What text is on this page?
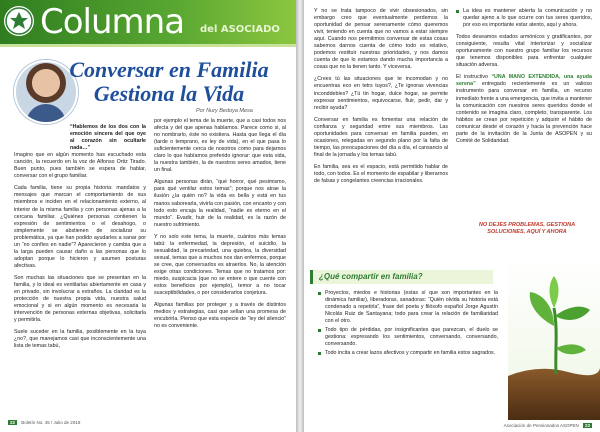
Columna del ASOCIADO
Conversar en Familia
Gestiona la Vida
Por Nury Bedoya Mesa

“Hablemos de los dos con la emoción sincera del que oye al corazón sin ocultarle nada…”
Imagino que en algún momento has escuchado esta canción, la recuerdo en la voz de Alfonso Ortiz Tirado. Buen punto, pues también se espera de hablar, conversar con el grupo familiar.

Cada familia, tiene su propia historia: mandatos y mensajes que marcan el comportamiento de sus miembros e inciden en el relacionamiento externo, al interior de la misma familia y con personas ajenas a la cercana familiar. ¿Quiénes personas contienen la expresión de sentimientos o el desahogo, o simplemente se abstienen de socializar su problemática, ya que han podido ayudarles a sanar por un “no confíes en nadie”? Aparecieron y cambia que a la larga pueden causar daño a las personas que lo adoptan porque lo hicieron y asumen posturas afectivas.

Son muchas las situaciones que se presentan en la familia, y lo ideal es ventilarlas abiertamente en casa y en privado, sin involucrar a extraños. La claridad es la protección de nuestra propia vida, nuestra salud emocional y si en algún momento es necesaria la intervención de personas externas objetivas, solicitarla y permitirla.

Suele suceder en la familia, posiblemente en la tuya ¿no?, que manejamos casi que inconscientemente una lista de temas tabú,

por ejemplo el tema de la muerte, que a casi todos nos afecta y del que apenas hablamos. Parece como si, al no nombrarlo, éste no existiera. Hasta que llega el día (tarde o temprano, es ley de vida), en el que pasa lo suficientemente cerca de nosotros como para dejarnos claro lo que habíamos preferido ignorar: que esta vida, la nuestra también, la de nuestros seres amados, tiene un final.

Algunas personas dirán, “qué horror, qué pesimismo, para qué ventilar estos temas”; porque nos atrae la ilusión ¿la quién no? la vida es bella y está en tus manos saborearla, vivirla con pasión, con encanto y con todo esto encaja la realidad, “nadie es eterno en el mundo”. Evadir, huir de la realidad, es la razón de nuestro sufrimiento.

Y no solo este tema, la muerte, cuántos más temas tabú: la enfermedad, la depresión, el suicidio, la sexualidad, la precariedad, una quiebra, la diversidad sexual, temas que a muchos nos dan enfermos, porque se cree, que conversarlos es atraerlos. No, la atención exige otras condiciones. Temas que no tratamos por: miedo, suspicacia (que no se entere o que cuente con estos beneficios por ejemplo), temor a no tocar susceptibilidades, o por considerarlos conjetura.

Algunas familias por proteger y a través de distintos medios y estrategias, casi que sellan una promesa de encubrirla. Pienso que esta especie de “ley del silencio” no es conveniente.

22 Boletín No. 45 / Julio de 2019

Y no se trata tampoco de vivir obsesionados, sin embargo creo que eventualmente perdemos la oportunidad de pensar serenamente cómo queremos vivir, teniendo en cuenta que no vamos a estar siempre aquí. Cuando nos permitimos conversar de estas cosas sabemos darnos cuenta de cómo todo es relativo, podemos restituir nuestras prioridades, y nos damos cuenta de que lo estamos dando mucha importancia a cosas que no la tienen tanto. Y viceversa.

¿Crees tú las situaciones que te incomodan y no encuentras eco en tetrs tuyos?, ¿Te ignoras vivencias inconddebles? ¿Tú tin hogar, dulce hogar, se permite expresar sentimientos, equivocarse, fluir, pedir, dar y recibir ayuda?

Conversar en familia es fomentar una relación de confianza y seguridad entre sus miembros. Las oportunidades para conversar en familia pueden, en ocasiones, relegadas en segundo plano por la falta de tiempo, las preocupaciones del día a día, el cansancio al final de la jornada y los temas tabú.

En familia, sea es el espacio, está permitido hablar de todo, con todos. Es el momento de espabilar y liberarnos de falsas y congelantes creencias irracionales.

La idea es mantener abierta la comunicación y no quedar ajeno a lo que ocurre con tus seres queridos, por eso es importante estar atento, aquí y ahora.

Todos deseamos estados armónicos y gratificantes, por consiguiente, resulta vital interiorizar y socializar oportunamente con nuestro grupo familiar los recursos que tenemos disponibles para enfrentar cualquier situación adversa.

El instructivo “UNA MANO EXTENDIDA, una ayuda serena” entregado recientemente es un valioso instrumento para conversar en familia, un recurso inmediato frente a una emergencia, que invita a mantener la comunicación con nuestros seres queridos donde el contenido se imagina claro, completo, transparente. Los hábitos se crean por repetición y adquirir el hábito de comunicar desde el corazón y hacia la prevención hace parte de la invitación de la Junta de ASOPEN y su Comité de Solidaridad.

NO DEJES PROBLEMAS, GESTIONA
SOLUCIONES, AQUÍ Y AHORA
¿Qué compartir en familia?
Proyectos, miedos e historias (estas sí que son importantes en la dinámica familiar), liberadoras, sanadoras: “Quién olvida su historia está condenado a repetirla”, frase del poeta y filósofo español Jorge Agustín Nicolás Ruiz de Santayana; todo para crear la relación de familiaridad con el otro.
Todo tipo de pérdidas, por insignificantes que parezcan, el duelo se gestiona: expresando los sentimientos, conversando, conversando, conversando.
Todo incita a crear lazos afectivos y compartir en familia estos sagrados.
Asociación de Pensionados ASOPEN 23
